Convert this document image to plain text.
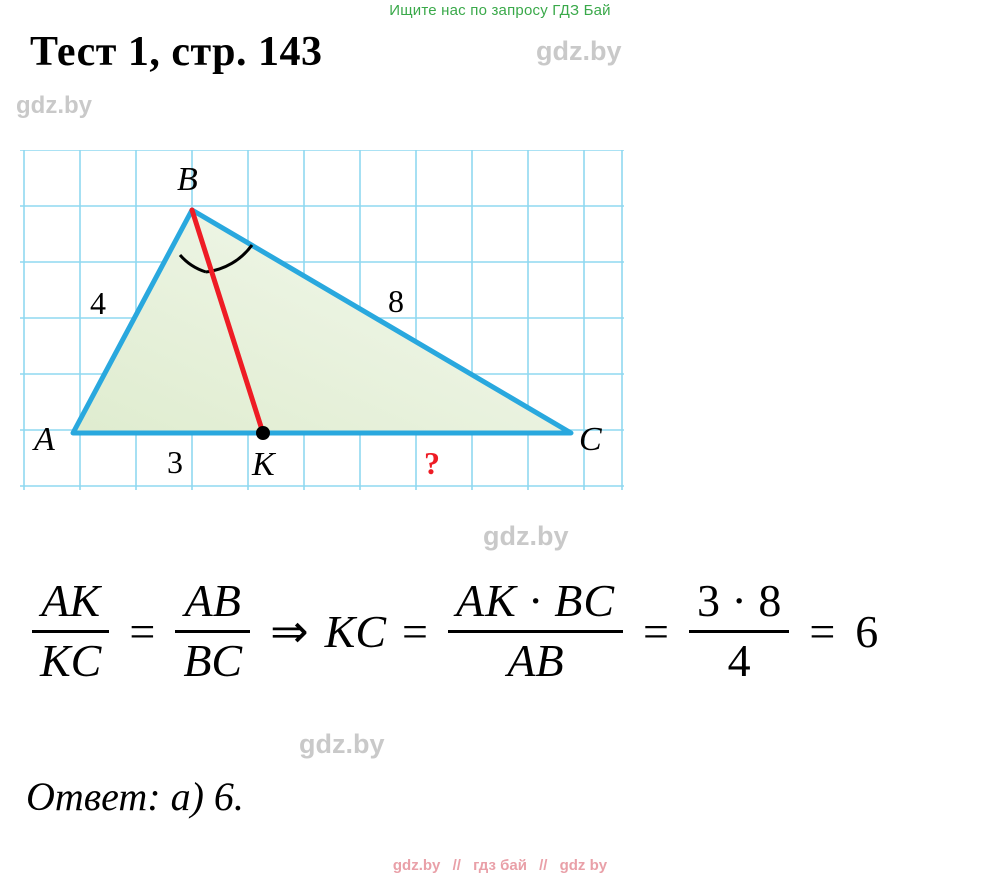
Ищите нас по запросу ГДЗ Бай
gdz.by
gdz.by
gdz.by
gdz.by
Тест 1, стр. 143
B
A	C
K
4	8
3	?
$\frac{AK}{KC} = \frac{AB}{BC}$ ⇒ KC = $\frac{AK \cdot BC}{AB} = \frac{3 \cdot 8}{4} = 6$
Ответ: а) 6.
gdz.by // гдз бай // gdz by
